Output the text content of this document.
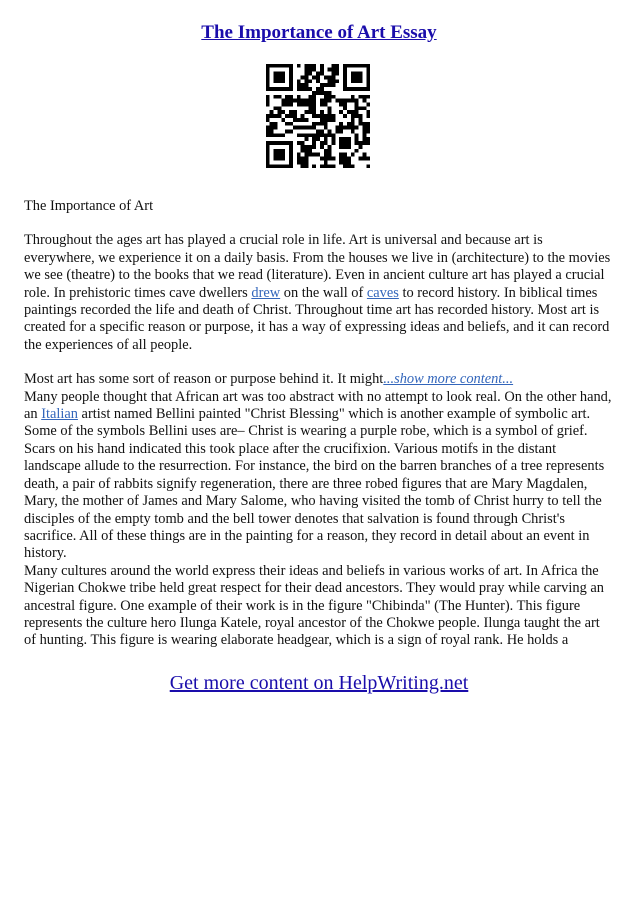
The Importance of Art Essay

The Importance of Art

Throughout the ages art has played a crucial role in life. Art is universal and because art is everywhere, we experience it on a daily basis. From the houses we live in (architecture) to the movies we see (theatre) to the books that we read (literature). Even in ancient culture art has played a crucial role. In prehistoric times cave dwellers drew on the wall of caves to record history. In biblical times paintings recorded the life and death of Christ. Throughout time art has recorded history. Most art is created for a specific reason or purpose, it has a way of expressing ideas and beliefs, and it can record the experiences of all people.

Most art has some sort of reason or purpose behind it. It might...show more content...

Many people thought that African art was too abstract with no attempt to look real. On the other hand, an Italian artist named Bellini painted "Christ Blessing" which is another example of symbolic art. Some of the symbols Bellini uses are– Christ is wearing a purple robe, which is a symbol of grief. Scars on his hand indicated this took place after the crucifixion. Various motifs in the distant landscape allude to the resurrection. For instance, the bird on the barren branches of a tree represents death, a pair of rabbits signify regeneration, there are three robed figures that are Mary Magdalen, Mary, the mother of James and Mary Salome, who having visited the tomb of Christ hurry to tell the disciples of the empty tomb and the bell tower denotes that salvation is found through Christ's sacrifice. All of these things are in the painting for a reason, they record in detail about an event in history.

Many cultures around the world express their ideas and beliefs in various works of art. In Africa the Nigerian Chokwe tribe held great respect for their dead ancestors. They would pray while carving an ancestral figure. One example of their work is in the figure "Chibinda" (The Hunter). This figure represents the culture hero Ilunga Katele, royal ancestor of the Chokwe people. Ilunga taught the art of hunting. This figure is wearing elaborate headgear, which is a sign of royal rank. He holds a

Get more content on HelpWriting.net
